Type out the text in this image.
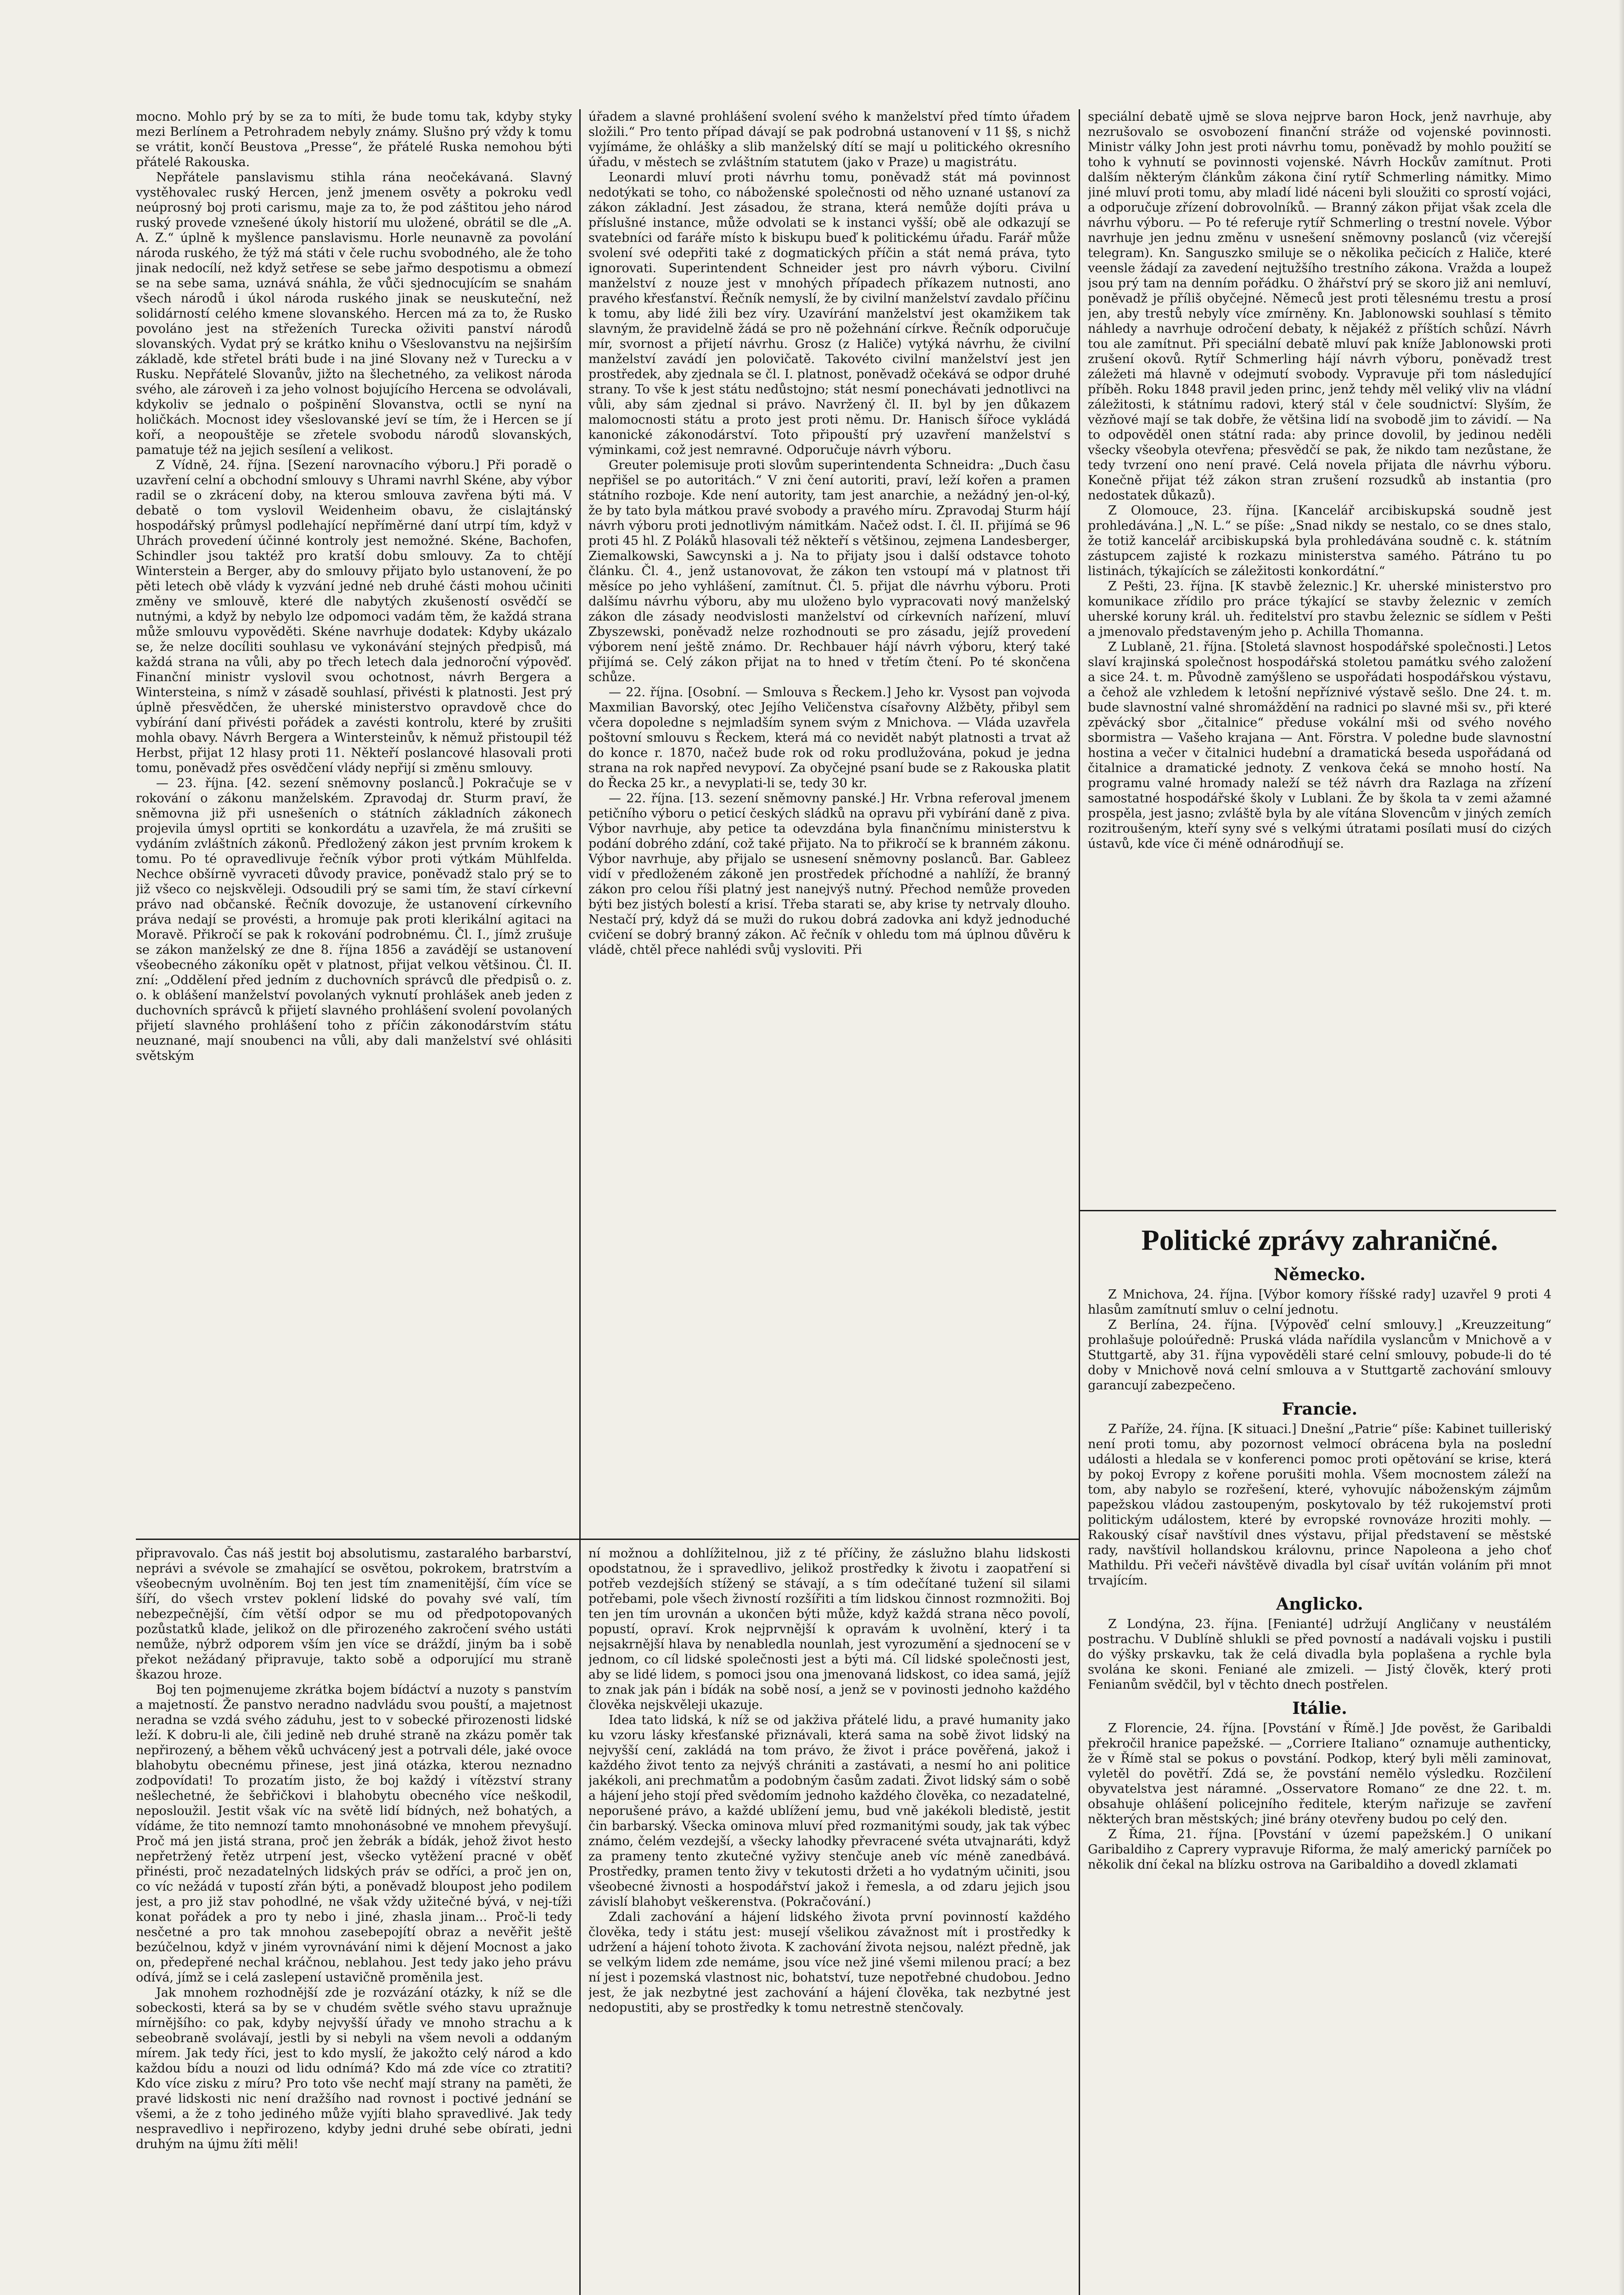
mocno. Mohlo prý by se za to míti, že bude tomu tak, kdyby styky mezi Berlínem a Petrohradem nebyly známy. Slušno prý vždy k tomu se vrátit, končí Beustova „Presse“, že přátelé Ruska nemohou býti přátelé Rakouska.

Nepřátele panslavismu stihla rána neočekávaná. Slavný vystěhovalec ruský Hercen, jenž jmenem osvěty a pokroku vedl neúprosný boj proti carismu, maje za to, že pod záštitou jeho národ ruský provede vznešené úkoly historií mu uložené, obrátil se dle „A. A. Z.“ úplně k myšlence panslavismu. Horle neunavně za povolání národa ruského, že týž má státi v čele ruchu svobodného, ale že toho jinak nedocílí, než když setřese se sebe jařmo despotismu a obmezí se na sebe sama, uznává snáhla, že vůči sjednocujícím se snahám všech národů i úkol národa ruského jinak se neuskuteční, než solidárností celého kmene slovanského. Hercen má za to, že Rusko povoláno jest na střeženích Turecka oživiti panství národů slovanských. Vydat prý se krátko knihu o Všeslovanstvu na nejširším základě, kde střetel bráti bude i na jiné Slovany než v Turecku a v Rusku. Nepřátelé Slovanův, jižto na šlechetného, za velikost národa svého, ale zároveň i za jeho volnost bojujícího Hercena se odvolávali, kdykoliv se jednalo o pošpinění Slovanstva, octli se nyní na holičkách. Mocnost idey všeslovanské jeví se tím, že i Hercen se jí koří, a neopouštěje se zřetele svobodu národů slovanských, pamatuje též na jejich sesílení a velikost.

Z Vídně, 24. října. [Sezení narovnacího výboru.] Při poradě o uzavření celní a obchodní smlouvy s Uhrami navrhl Skéne, aby výbor radil se o zkrácení doby, na kterou smlouva zavřena býti má. V debatě o tom vyslovil Weidenheim obavu, že cislajtánský hospodářský průmysl podlehající nepříměrné daní utrpí tím, když v Uhrách provedení účinné kontroly jest nemožné. Skéne, Bachofen, Schindler jsou taktéž pro kratší dobu smlouvy. Za to chtějí Winterstein a Berger, aby do smlouvy přijato bylo ustanovení, že po pěti letech obě vlády k vyzvání jedné neb druhé části mohou učiniti změny ve smlouvě, které dle nabytých zkušeností osvědčí se nutnými, a když by nebylo lze odpomoci vadám těm, že každá strana může smlouvu vypověděti. Skéne navrhuje dodatek: Kdyby ukázalo se, že nelze docíliti souhlasu ve vykonávání stejných předpisů, má každá strana na vůli, aby po třech letech dala jednoroční výpověď. Finanční ministr vyslovil svou ochotnost, návrh Bergera a Wintersteina, s nímž v zásadě souhlasí, přivésti k platnosti. Jest prý úplně přesvědčen, že uherské ministerstvo opravdově chce do vybírání daní přivésti pořádek a zavésti kontrolu, které by zrušiti mohla obavy. Návrh Bergera a Wintersteinův, k němuž přistoupil též Herbst, přijat 12 hlasy proti 11. Někteří poslancové hlasovali proti tomu, poněvadž přes osvědčení vlády nepřijí si změnu smlouvy.

— 23. října. [42. sezení sněmovny poslanců.] Pokračuje se v rokování o zákonu manželském. Zpravodaj dr. Sturm praví, že sněmovna již při usnešeních o státních základních zákonech projevila úmysl oprtiti se konkordátu a uzavřela, že má zrušiti se vydáním zvláštních zákonů. Předložený zákon jest prvním krokem k tomu. Po té opravedlivuje řečník výbor proti výtkám Mühlfelda. Nechce obšírně vyvraceti důvody pravice, poněvadž stalo prý se to již všeco co nejskvěleji. Odsoudili prý se sami tím, že staví církevní právo nad občanské. Řečník dovozuje, že ustanovení církevního práva nedají se provésti, a hromuje pak proti klerikální agitaci na Moravě. Přikročí se pak k rokování podrobnému. Čl. I., jímž zrušuje se zákon manželský ze dne 8. října 1856 a zavádějí se ustanovení všeobecného zákoníku opět v platnost, přijat velkou většinou. Čl. II. zní: „Oddělení před jedním z duchovních správců dle předpisů o. z. o. k oblášení manželství povolaných vyknutí prohlášek aneb jeden z duchovních správců k přijetí slavného prohlášení svolení povolaných přijetí slavného prohlášení toho z příčin zákonodárstvím státu neuznané, mají snoubenci na vůli, aby dali manželství své ohlásiti světským

připravovalo. Čas náš jestit boj absolutismu, zastaralého barbarství, neprávi a svévole se zmahající se osvětou, pokrokem, bratrstvím a všeobecným uvolněním. Boj ten jest tím znamenitější, čím více se šíří, do všech vrstev poklení lidské do povahy své valí, tím nebezpečnější, čím větší odpor se mu od předpotopovaných pozůstatků klade, jelikož on dle přirozeného zakročení svého ustáti nemůže, nýbrž odporem vším jen více se dráždí, jiným ba i sobě překot nežádaný připravuje, takto sobě a odporující mu straně škazou hroze.

Boj ten pojmenujeme zkrátka bojem bídáctví a nuzoty s panstvím a majetností. Že panstvo neradno nadvládu svou pouští, a majetnost neradna se vzdá svého záduhu, jest to v sobecké přirozenosti lidské leží. K dobru-li ale, čili jedině neb druhé straně na zkázu poměr tak nepřirozený, a během věků uchvácený jest a potrvali déle, jaké ovoce blahobytu obecnému přinese, jest jiná otázka, kterou neznadno zodpovídati! To prozatím jisto, že boj každý i vítězství strany nešlechetné, že šebřičkovi i blahobytu obecného více neškodil, neposloužil. Jestit však víc na světě lidí bídných, než bohatých, a vídáme, že tito nemnozí tamto mnohonásobné ve mnohem převyšují. Proč má jen jistá strana, proč jen žebrák a bídák, jehož život hesto nepřetržený řetěz utrpení jest, všecko vytěžení pracné v oběť přinésti, proč nezadatelných lidských práv se odříci, a proč jen on, co víc nežádá v tupostí zřán býti, a poněvadž bloupost jeho podilem jest, a pro již stav pohodlné, ne však vždy užitečné bývá, v nej-tíži konat pořádek a pro ty nebo i jiné, zhasla jinam... Proč-li tedy nesčetné a pro tak mnohou zasebepojítí obraz a nevěřit ještě bezúčelnou, když v jiném vyrovnávání nimi k dějení Mocnost a jako on, předepřené nechal kráčnou, neblahou. Jest tedy jako jeho právu odívá, jímž se i celá zaslepení ustavičně proměnila jest.

Jak mnohem rozhodnější zde je rozvázání otázky, k níž se dle sobeckosti, která sa by se v chudém světle svého stavu upražnuje mírnějšího: co pak, kdyby nejvyšší úřady ve mnoho strachu a k sebeobraně svolávají, jestli by si nebyli na všem nevoli a oddaným mírem. Jak tedy říci, jest to kdo myslí, že jakožto celý národ a kdo každou bídu a nouzi od lidu odnímá? Kdo má zde více co ztratiti? Kdo více zisku z míru? Pro toto vše nechť mají strany na paměti, že pravé lidskosti nic není dražšího nad rovnost i poctivé jednání se všemi, a že z toho jediného může vyjíti blaho spravedlivé. Jak tedy nespravedlivo i nepřirozeno, kdyby jedni druhé sebe obírati, jedni druhým na újmu žíti měli!

úřadem a slavné prohlášení svolení svého k manželství před tímto úřadem složili.“ Pro tento případ dávají se pak podrobná ustanovení v 11 §§, s nichž vyjímáme, že ohlášky a slib manželský dítí se mají u politického okresního úřadu, v městech se zvláštním statutem (jako v Praze) u magistrátu.

Leonardi mluví proti návrhu tomu, poněvadž stát má povinnost nedotýkati se toho, co náboženské společnosti od něho uznané ustanoví za zákon základní. Jest zásadou, že strana, která nemůže dojíti práva u příslušné instance, může odvolati se k instanci vyšší; obě ale odkazují se svatebníci od faráře místo k biskupu bueď k politickému úřadu. Farář může svolení své odepřiti také z dogmatických příčin a stát nemá práva, tyto ignorovati. Superintendent Schneider jest pro návrh výboru. Civilní manželství z nouze jest v mnohých případech příkazem nutnosti, ano pravého křesťanství. Řečník nemyslí, že by civilní manželství zavdalo příčinu k tomu, aby lidé žili bez víry. Uzavírání manželství jest okamžikem tak slavným, že pravidelně žádá se pro ně požehnání církve. Řečník odporučuje mír, svornost a přijetí návrhu. Grosz (z Haliče) vytýká návrhu, že civilní manželství zavádí jen polovičatě. Takovéto civilní manželství jest jen prostředek, aby zjednala se čl. I. platnost, poněvadž očekává se odpor druhé strany. To vše k jest státu nedůstojno; stát nesmí ponechávati jednotlivci na vůli, aby sám zjednal si právo. Navržený čl. II. byl by jen důkazem malomocnosti státu a proto jest proti němu. Dr. Hanisch šířoce vykládá kanonické zákonodárství. Toto připouští prý uzavření manželství s výminkami, což jest nemravné. Odporučuje návrh výboru.

Greuter polemisuje proti slovům superintendenta Schneidra: „Duch času nepřišel se po autoritách.“ V zni čení autoriti, praví, leží kořen a pramen státního rozboje. Kde není autority, tam jest anarchie, a nežádný jen-ol-ký, že by tato byla mátkou pravé svobody a pravého míru. Zpravodaj Sturm hájí návrh výboru proti jednotlivým námitkám. Načež odst. I. čl. II. přijímá se 96 proti 45 hl. Z Poláků hlasovali též někteří s většinou, zejmena Landesberger, Ziemalkowski, Sawcynski a j. Na to přijaty jsou i další odstavce tohoto článku. Čl. 4., jenž ustanovovat, že zákon ten vstoupí má v platnost tři měsíce po jeho vyhlášení, zamítnut. Čl. 5. přijat dle návrhu výboru. Proti dalšímu návrhu výboru, aby mu uloženo bylo vypracovati nový manželský zákon dle zásady neodvislosti manželství od církevních nařízení, mluví Zbyszewski, poněvadž nelze rozhodnouti se pro zásadu, jejíž provedení výborem není ještě známo. Dr. Rechbauer hájí návrh výboru, který také přijímá se. Celý zákon přijat na to hned v třetím čtení. Po té skončena schůze.

— 22. října. [Osobní. — Smlouva s Řeckem.] Jeho kr. Vysost pan vojvoda Maxmilian Bavorský, otec Jejího Veličenstva císařovny Alžběty, přibyl sem včera dopoledne s nejmladším synem svým z Mnichova. — Vláda uzavřela poštovní smlouvu s Řeckem, která má co nevidět nabýt platnosti a trvat až do konce r. 1870, načež bude rok od roku prodlužována, pokud je jedna strana na rok napřed nevypoví. Za obyčejné psaní bude se z Rakouska platit do Řecka 25 kr., a nevyplati-li se, tedy 30 kr.

— 22. října. [13. sezení sněmovny panské.] Hr. Vrbna referoval jmenem petičního výboru o peticí českých sládků na opravu při vybírání daně z piva. Výbor navrhuje, aby petice ta odevzdána byla finančnímu ministerstvu k podání dobrého zdání, což také přijato. Na to přikročí se k branném zákonu. Výbor navrhuje, aby přijalo se usnesení sněmovny poslanců. Bar. Gableez vidí v předloženém zákoně jen prostředek příchodné a nahlíží, že branný zákon pro celou říši platný jest nanejvýš nutný. Přechod nemůže proveden býti bez jistých bolestí a krisí. Třeba starati se, aby krise ty netrvaly dlouho. Nestačí prý, když dá se muži do rukou dobrá zadovka ani když jednoduché cvičení se dobrý branný zákon. Ač řečník v ohledu tom má úplnou důvěru k vládě, chtěl přece nahlédi svůj vysloviti. Při

ní možnou a dohlížitelnou, již z té příčiny, že záslužno blahu lidskosti opodstatnou, že i spravedlivo, jelikož prostředky k životu i zaopatření si potřeb vezdejších stížený se stávají, a s tím odečítané tužení sil silami potřebami, pole všech živností rozšířiti a tím lidskou činnost rozmnožiti. Boj ten jen tím urovnán a ukončen býti může, když každá strana něco povolí, popustí, opraví. Krok nejprvnější k opravám k uvolnění, který i ta nejsakrnější hlava by nenabledla nounlah, jest vyrozumění a sjednocení se v jednom, co cíl lidské společnosti jest a býti má. Cíl lidské společnosti jest, aby se lidé lidem, s pomoci jsou ona jmenovaná lidskost, co idea samá, jejíž to znak jak pán i bídák na sobě nosí, a jenž se v povinosti jednoho každého člověka nejskvěleji ukazuje.

Idea tato lidská, k níž se od jakživa přátelé lidu, a pravé humanity jako ku vzoru lásky křesťanské přiznávali, která sama na sobě život lidský na nejvyšší cení, zakládá na tom právo, že život i práce pověřená, jakož i každého život tento za nejvýš chrániti a zastávati, a nesmí ho ani politice jakékoli, ani prechmatům a podobným časům zadati. Život lidský sám o sobě a hájení jeho stojí před svědomím jednoho každého člověka, co nezadatelné, neporušené právo, a každé ublížení jemu, bud vně jakékoli bledistě, jestit čin barbarský. Všecka ominova mluví před rozmanitými soudy, jak tak výbec známo, čelém vezdejší, a všecky lahodky převracené svéta utvajnaráti, když za prameny tento zkutečné vyživy stenčuje aneb víc méně zanedbává. Prostředky, pramen tento živy v tekutosti držeti a ho vydatným učiniti, jsou všeobecné živnosti a hospodářství jakož i řemesla, a od zdaru jejich jsou závislí blahobyt veškerenstva. (Pokračování.)

Zdali zachování a hájení lidského života první povinností každého člověka, tedy i státu jest: musejí všelikou závažnost mít i prostředky k udržení a hájení tohoto života. K zachování života nejsou, nalézt předně, jak se velkým lidem zde nemáme, jsou více než jiné všemi milenou prací; a bez ní jest i pozemská vlastnost nic, bohatství, tuze nepotřebné chudobou. Jedno jest, že jak nezbytné jest zachování a hájení člověka, tak nezbytné jest nedopustiti, aby se prostředky k tomu netrestně stenčovaly.

speciální debatě ujmě se slova nejprve baron Hock, jenž navrhuje, aby nezrušovalo se osvobození finanční stráže od vojenské povinnosti. Ministr války John jest proti návrhu tomu, poněvadž by mohlo použití se toho k vyhnutí se povinnosti vojenské. Návrh Hockův zamítnut. Proti dalším některým článkům zákona činí rytíř Schmerling námitky. Mimo jiné mluví proti tomu, aby mladí lidé náceni byli sloužiti co sprostí vojáci, a odporučuje zřízení dobrovolníků. — Branný zákon přijat však zcela dle návrhu výboru. — Po té referuje rytíř Schmerling o trestní novele. Výbor navrhuje jen jednu změnu v usnešení sněmovny poslanců (viz včerejší telegram). Kn. Sanguszko smiluje se o několika pečicích z Haliče, které veensle žádají za zavedení nejtužšího trestního zákona. Vražda a loupež jsou prý tam na denním pořádku. O žhářství prý se skoro již ani nemluví, poněvadž je příliš obyčejné. Němeců jest proti tělesnému trestu a prosí jen, aby trestů nebyly více zmírněny. Kn. Jablonowski souhlasí s těmito náhledy a navrhuje odročení debaty, k nějakéž z příštích schůzí. Návrh tou ale zamítnut. Při speciální debatě mluví pak kníže Jablonowski proti zrušení okovů. Rytíř Schmerling hájí návrh výboru, poněvadž trest záležeti má hlavně v odejmutí svobody. Vypravuje při tom následující příběh. Roku 1848 pravil jeden princ, jenž tehdy měl veliký vliv na vládní záležitosti, k státnímu radovi, který stál v čele soudnictví: Slyším, že vězňové mají se tak dobře, že většina lidí na svobodě jim to závidí. — Na to odpověděl onen státní rada: aby prince dovolil, by jedinou neděli všecky všeobyla otevřena; přesvědčí se pak, že nikdo tam nezůstane, že tedy tvrzení ono není pravé. Celá novela přijata dle návrhu výboru. Konečně přijat též zákon stran zrušení rozsudků ab instantia (pro nedostatek důkazů).

Z Olomouce, 23. října. [Kancelář arcibiskupská soudně jest prohledávána.] „N. L.“ se píše: „Snad nikdy se nestalo, co se dnes stalo, že totiž kancelář arcibiskupská byla prohledávána soudně c. k. státním zástupcem zajisté k rozkazu ministerstva samého. Pátráno tu po listinách, týkajících se záležitosti konkordátní.“

Z Pešti, 23. října. [K stavbě železnic.] Kr. uherské ministerstvo pro komunikace zřídilo pro práce týkající se stavby železnic v zemích uherské koruny král. uh. ředitelství pro stavbu železnic se sídlem v Pešti a jmenovalo představeným jeho p. Achilla Thomanna.

Z Lublaně, 21. října. [Stoletá slavnost hospodářské společnosti.] Letos slaví krajinská společnost hospodářská stoletou památku svého založení a sice 24. t. m. Původně zamýšleno se uspořádati hospodářskou výstavu, a čehož ale vzhledem k letošní nepříznivé výstavě sešlo. Dne 24. t. m. bude slavnostní valné shromáždění na radnici po slavné mši sv., při které zpěvácký sbor „čitalnice“ předuse vokální mši od svého nového sbormistra — Vašeho krajana — Ant. Förstra. V poledne bude slavnostní hostina a večer v čitalnici hudební a dramatická beseda uspořádaná od čitalnice a dramatické jednoty. Z venkova čeká se mnoho hostí. Na programu valné hromady naleží se též návrh dra Razlaga na zřízení samostatné hospodářské školy v Lublani. Že by škola ta v zemi ažamné prospěla, jest jasno; zvláště byla by ale vítána Slovencům v jiných zemích rozitroušeným, kteří syny své s velkými útratami posílati musí do cizých ústavů, kde více či méně odnárodňují se.

Politické zprávy zahraničné.
Německo.

Z Mnichova, 24. října. [Výbor komory říšské rady] uzavřel 9 proti 4 hlasům zamítnutí smluv o celní jednotu.

Z Berlína, 24. října. [Výpověď celní smlouvy.] „Kreuzzeitung“ prohlašuje poloúředně: Pruská vláda nařídila vyslancům v Mnichově a v Stuttgartě, aby 31. října vypověděli staré celní smlouvy, pobude-li do té doby v Mnichově nová celní smlouva a v Stuttgartě zachování smlouvy garancují zabezpečeno.

Francie.

Z Paříže, 24. října. [K situaci.] Dnešní „Patrie“ píše: Kabinet tuilleriský není proti tomu, aby pozornost velmocí obrácena byla na poslední události a hledala se v konferenci pomoc proti opětování se krise, která by pokoj Evropy z kořene porušiti mohla. Všem mocnostem záleží na tom, aby nabylo se rozřešení, které, vyhovujíc náboženským zájmům papežskou vládou zastoupeným, poskytovalo by též rukojemství proti politickým událostem, které by evropské rovnováze hroziti mohly. — Rakouský císař navštívil dnes výstavu, přijal představení se městské rady, navštívil hollandskou královnu, prince Napoleona a jeho choť Mathildu. Při večeři návštěvě divadla byl císař uvítán voláním při mnot trvajícím.

Anglicko.

Z Londýna, 23. října. [Fenianté] udržují Angličany v neustálém postrachu. V Dublíně shlukli se před povností a nadávali vojsku i pustili do výšky prskavku, tak že celá divadla byla poplašena a rychle byla svolána ke skoni. Feniané ale zmizeli. — Jistý člověk, který proti Fenianům svědčil, byl v těchto dnech postřelen.

Itálie.

Z Florencie, 24. října. [Povstání v Římě.] Jde pověst, že Garibaldi překročil hranice papežské. — „Corriere Italiano“ oznamuje authenticky, že v Římě stal se pokus o povstání. Podkop, který byli měli zaminovat, vyletěl do povětří. Zdá se, že povstání nemělo výsledku. Rozčilení obyvatelstva jest náramné. „Osservatore Romano“ ze dne 22. t. m. obsahuje ohlášení policejního ředitele, kterým nařizuje se zavření některých bran městských; jiné brány otevřeny budou po celý den.

Z Říma, 21. října. [Povstání v území papežském.] O unikaní Garibaldiho z Caprery vypravuje Riforma, že malý americký parníček po několik dní čekal na blízku ostrova na Garibaldiho a dovedl zklamati
